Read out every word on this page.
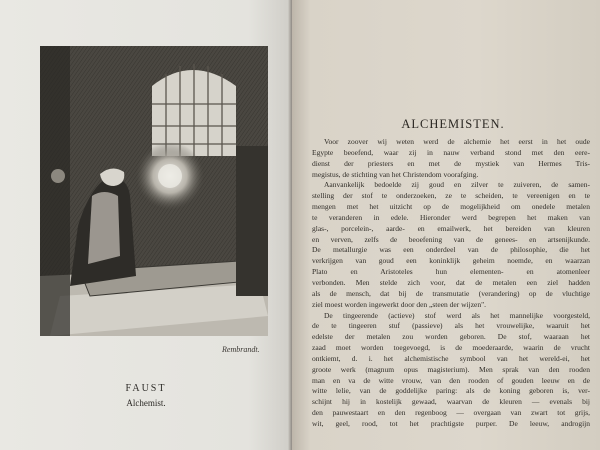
Rembrandt.
FAUST
Alchemist.
ALCHEMISTEN.
Voor zoover wij weten werd de alchemie het eerst in het oude
Egypte beoefend, waar zij in nauw verband stond met den eere-
dienst der priesters en met de mystiek van Hermes Tris-
megistus, de stichting van het Christendom voorafging.
Aanvankelijk bedoelde zij goud en zilver te zuiveren, de samen-
stelling der stof te onderzoeken, ze te scheiden, te vereenigen en te
mengen met het uitzicht op de mogelijkheid om onedele metalen
te veranderen in edele. Hieronder werd begrepen het maken van
glas-, porcelein-, aarde- en emailwerk, het bereiden van kleuren
en verven, zelfs de beoefening van de genees- en artsenijkunde.
De metallurgie was een onderdeel van de philosophie, die het
verkrijgen van goud een koninklijk geheim noemde, en waarzan
Plato en Aristoteles hun elementen- en atomenleer
verbonden. Men stelde zich voor, dat de metalen een ziel hadden
als de mensch, dat bij de transmutatie (verandering) op de vluchtige
ziel moest worden ingewerkt door den „steen der wijzen".
De tingeerende (actieve) stof werd als het mannelijke voorgesteld,
de te tingeeren stuf (passieve) als het vrouwelijke, waaruit het
edelste der metalen zou worden geboren. De stof, waaraan het
zaad moet worden toegevoegd, is de moederaarde, waarin de vrucht
ontkiemt, d. i. het alchemistische symbool van het wereld-ei, het
groote werk (magnum opus magisterium). Men sprak van den rooden
man en va de witte vrouw, van den rooden of gouden leeuw en de
witte lelie, van de goddelijke paring: als de koning geboren is, ver-
schijnt hij in kostelijk gewaad, waarvan de kleuren — evenals bij
den pauwestaart en den regenboog — overgaan van zwart tot grijs,
wit, geel, rood, tot het prachtigste purper. De leeuw, androgijn
